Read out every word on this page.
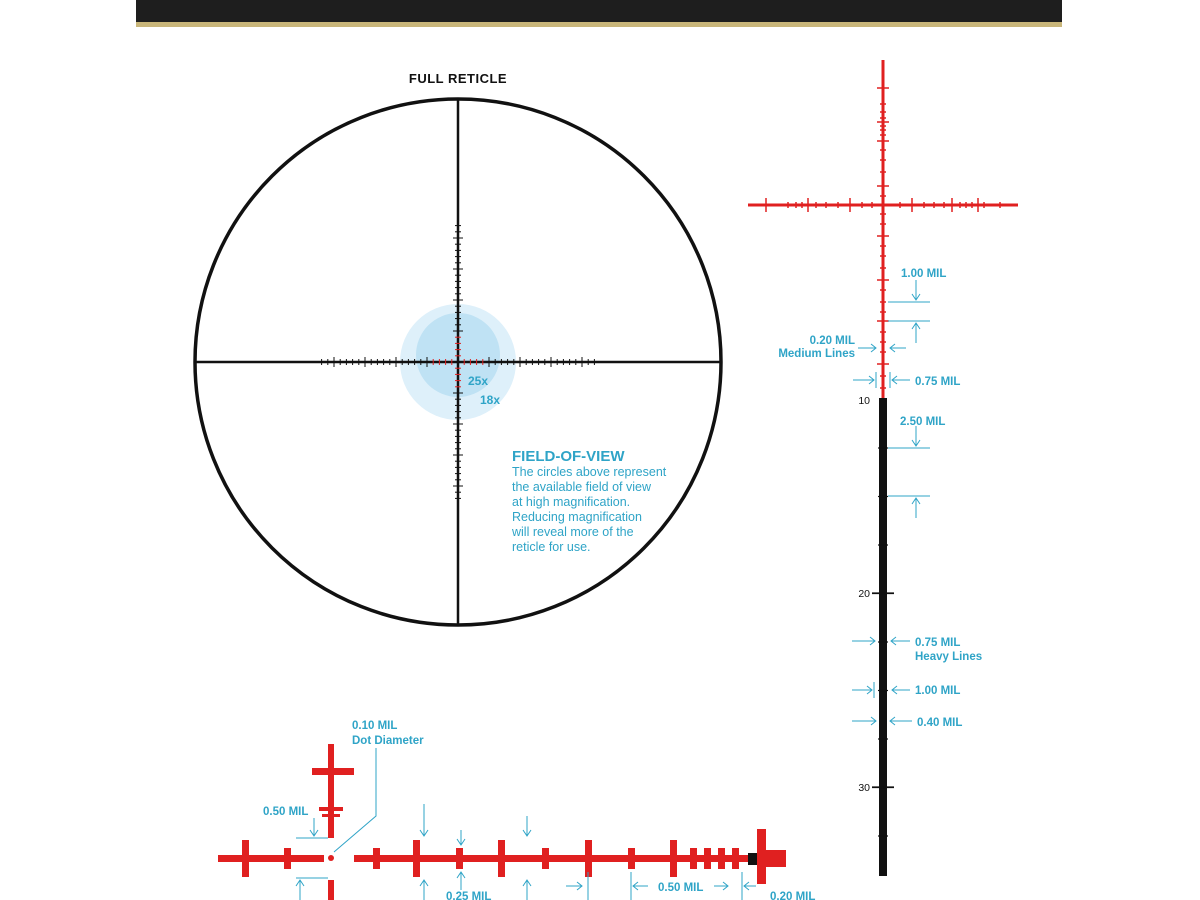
FULL RETICLE
25x
18x
FIELD-OF-VIEW
The circles above represent
the available field of view
at high magnification.
Reducing magnification
will reveal more of the
reticle for use.
10
20
30
1.00 MIL
0.20 MIL
Medium Lines
0.75 MIL
2.50 MIL
0.75 MIL
Heavy Lines
1.00 MIL
0.40 MIL
0.10 MIL
Dot Diameter
0.50 MIL
0.25 MIL
0.50 MIL
0.20 MIL
